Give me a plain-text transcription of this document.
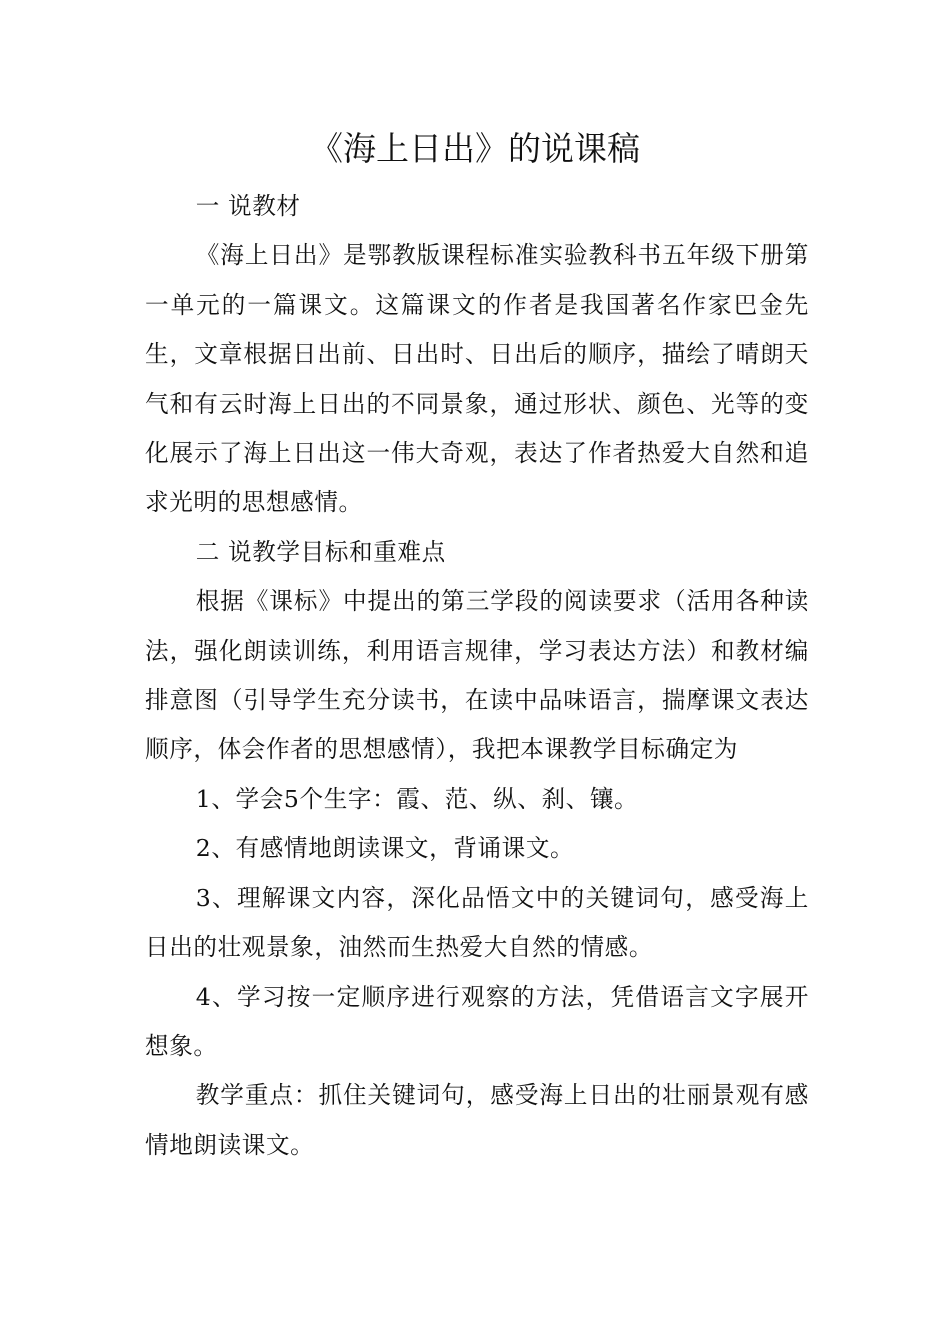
《海上日出》的说课稿

一 说教材

《海上日出》是鄂教版课程标准实验教科书五年级下册第一单元的一篇课文。这篇课文的作者是我国著名作家巴金先生，文章根据日出前、日出时、日出后的顺序，描绘了晴朗天气和有云时海上日出的不同景象，通过形状、颜色、光等的变化展示了海上日出这一伟大奇观，表达了作者热爱大自然和追求光明的思想感情。

二 说教学目标和重难点

根据《课标》中提出的第三学段的阅读要求（活用各种读法，强化朗读训练，利用语言规律，学习表达方法）和教材编排意图（引导学生充分读书，在读中品味语言，揣摩课文表达顺序，体会作者的思想感情），我把本课教学目标确定为

1、学会5个生字：霞、范、纵、刹、镶。

2、有感情地朗读课文，背诵课文。

3、理解课文内容，深化品悟文中的关键词句，感受海上日出的壮观景象，油然而生热爱大自然的情感。

4、学习按一定顺序进行观察的方法，凭借语言文字展开想象。

教学重点：抓住关键词句，感受海上日出的壮丽景观有感情地朗读课文。
